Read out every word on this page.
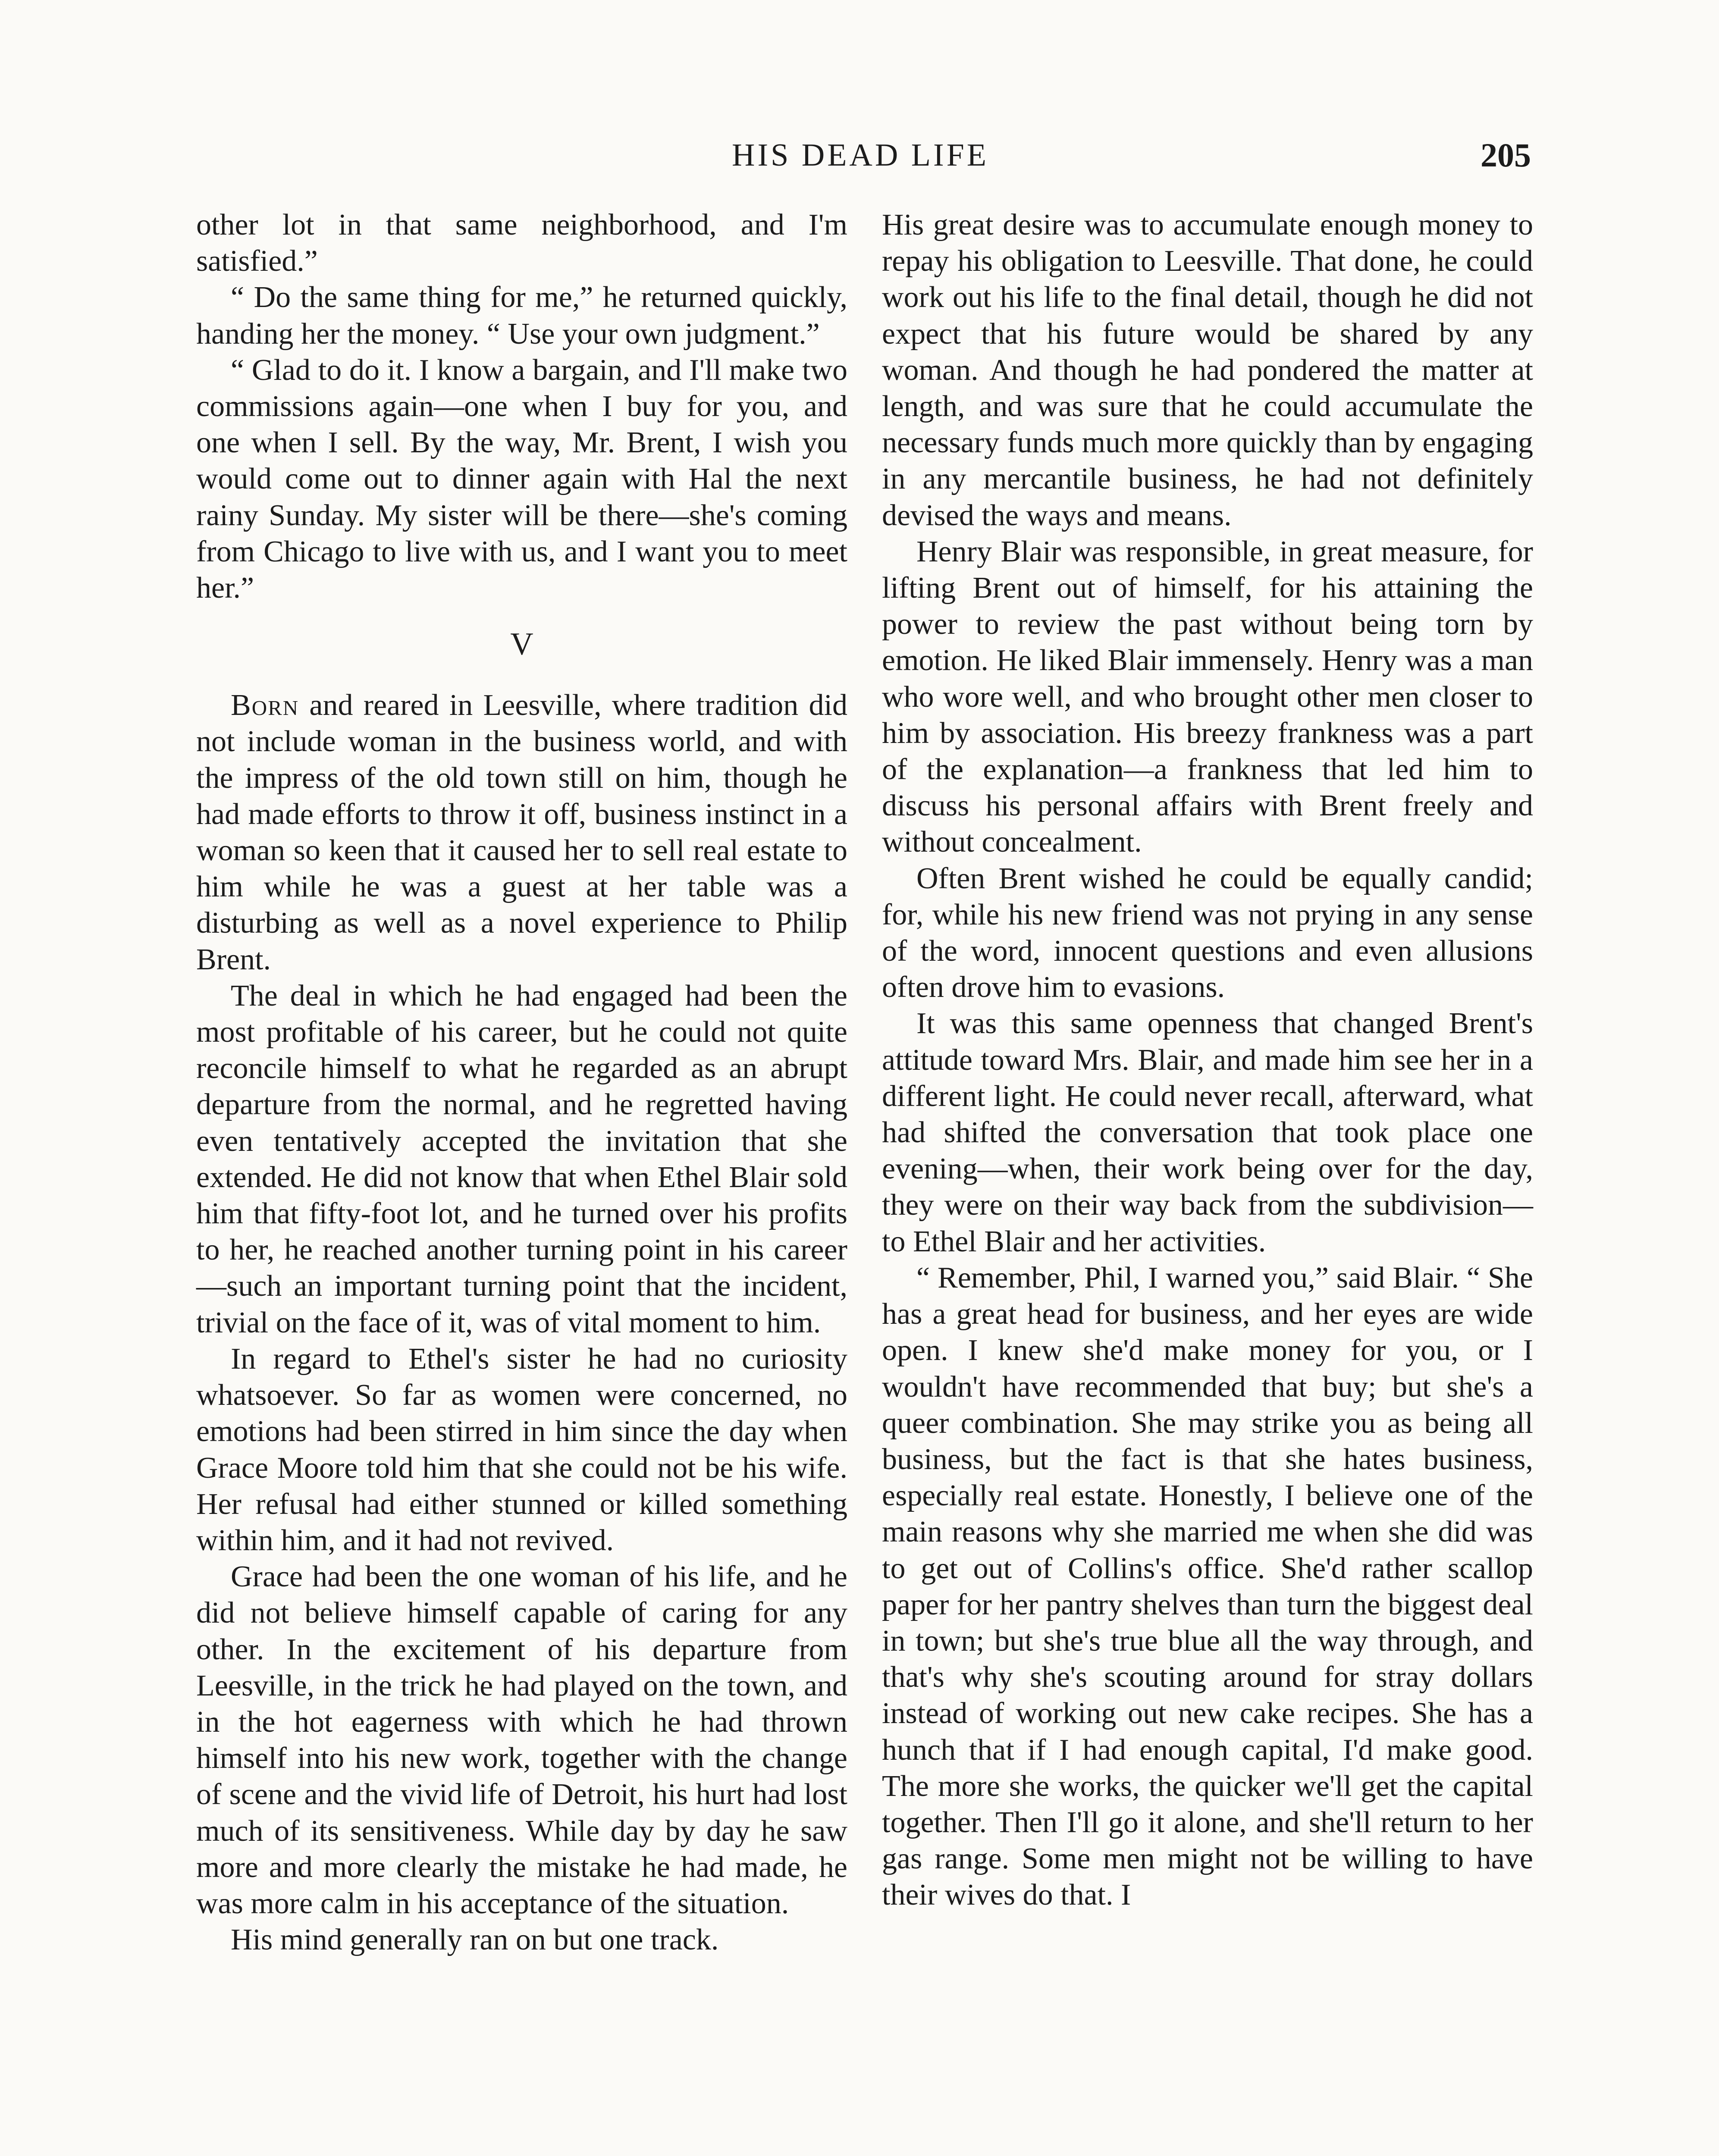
HIS DEAD LIFE	205

other lot in that same neighborhood, and I'm satisfied.”

“ Do the same thing for me,” he returned quickly, handing her the money. “ Use your own judgment.”

“ Glad to do it. I know a bargain, and I'll make two commissions again—one when I buy for you, and one when I sell. By the way, Mr. Brent, I wish you would come out to dinner again with Hal the next rainy Sunday. My sister will be there—she's coming from Chicago to live with us, and I want you to meet her.”

V

Born and reared in Leesville, where tradition did not include woman in the business world, and with the impress of the old town still on him, though he had made efforts to throw it off, business instinct in a woman so keen that it caused her to sell real estate to him while he was a guest at her table was a disturbing as well as a novel experience to Philip Brent.

The deal in which he had engaged had been the most profitable of his career, but he could not quite reconcile himself to what he regarded as an abrupt departure from the normal, and he regretted having even tentatively accepted the invitation that she extended. He did not know that when Ethel Blair sold him that fifty-foot lot, and he turned over his profits to her, he reached another turning point in his career—such an important turning point that the incident, trivial on the face of it, was of vital moment to him.

In regard to Ethel's sister he had no curiosity whatsoever. So far as women were concerned, no emotions had been stirred in him since the day when Grace Moore told him that she could not be his wife. Her refusal had either stunned or killed something within him, and it had not revived.

Grace had been the one woman of his life, and he did not believe himself capable of caring for any other. In the excitement of his departure from Leesville, in the trick he had played on the town, and in the hot eagerness with which he had thrown himself into his new work, together with the change of scene and the vivid life of Detroit, his hurt had lost much of its sensitiveness. While day by day he saw more and more clearly the mistake he had made, he was more calm in his acceptance of the situation.

His mind generally ran on but one track.

His great desire was to accumulate enough money to repay his obligation to Leesville. That done, he could work out his life to the final detail, though he did not expect that his future would be shared by any woman. And though he had pondered the matter at length, and was sure that he could accumulate the necessary funds much more quickly than by engaging in any mercantile business, he had not definitely devised the ways and means.

Henry Blair was responsible, in great measure, for lifting Brent out of himself, for his attaining the power to review the past without being torn by emotion. He liked Blair immensely. Henry was a man who wore well, and who brought other men closer to him by association. His breezy frankness was a part of the explanation—a frankness that led him to discuss his personal affairs with Brent freely and without concealment.

Often Brent wished he could be equally candid; for, while his new friend was not prying in any sense of the word, innocent questions and even allusions often drove him to evasions.

It was this same openness that changed Brent's attitude toward Mrs. Blair, and made him see her in a different light. He could never recall, afterward, what had shifted the conversation that took place one evening—when, their work being over for the day, they were on their way back from the subdivision—to Ethel Blair and her activities.

“ Remember, Phil, I warned you,” said Blair. “ She has a great head for business, and her eyes are wide open. I knew she'd make money for you, or I wouldn't have recommended that buy; but she's a queer combination. She may strike you as being all business, but the fact is that she hates business, especially real estate. Honestly, I believe one of the main reasons why she married me when she did was to get out of Collins's office. She'd rather scallop paper for her pantry shelves than turn the biggest deal in town; but she's true blue all the way through, and that's why she's scouting around for stray dollars instead of working out new cake recipes. She has a hunch that if I had enough capital, I'd make good. The more she works, the quicker we'll get the capital together. Then I'll go it alone, and she'll return to her gas range. Some men might not be willing to have their wives do that. I
